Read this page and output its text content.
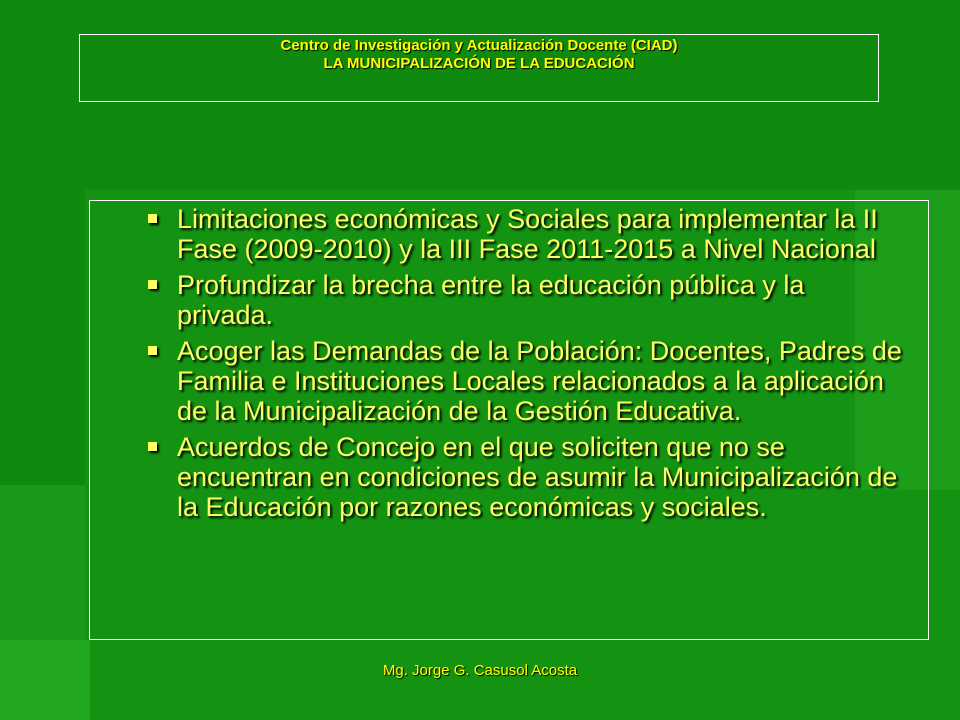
Centro de Investigación y Actualización Docente (CIAD)
LA MUNICIPALIZACIÓN DE LA EDUCACIÓN
Limitaciones económicas y Sociales para implementar la II Fase (2009-2010) y la III Fase 2011-2015 a Nivel Nacional
Profundizar la brecha entre la educación pública y la privada.
Acoger las Demandas de la Población: Docentes, Padres de Familia e Instituciones Locales relacionados a la aplicación de la Municipalización de la Gestión Educativa.
Acuerdos de Concejo en el que soliciten que no se encuentran en condiciones de asumir la Municipalización de la Educación por razones económicas y sociales.
Mg. Jorge G. Casusol Acosta
